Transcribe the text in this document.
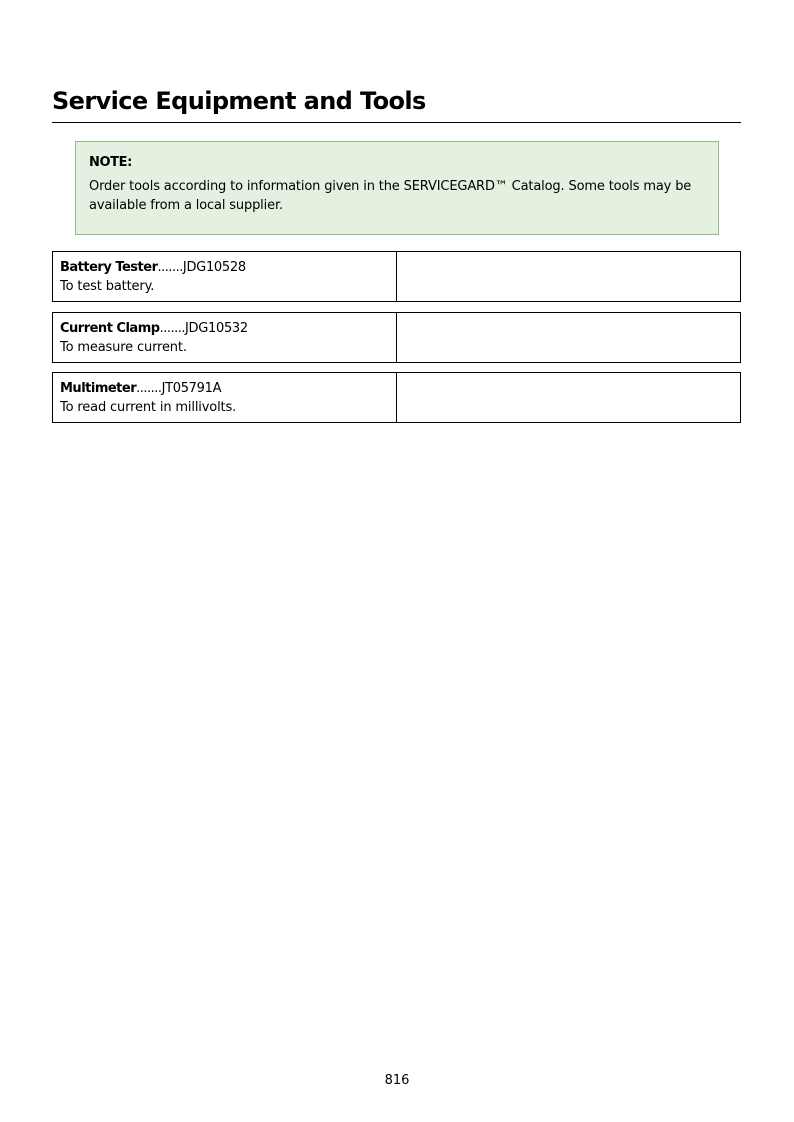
Service Equipment and Tools
NOTE:
Order tools according to information given in the SERVICEGARD™ Catalog. Some tools may be available from a local supplier.
Battery Tester.......JDG10528
To test battery.
Current Clamp.......JDG10532
To measure current.
Multimeter.......JT05791A
To read current in millivolts.
816
